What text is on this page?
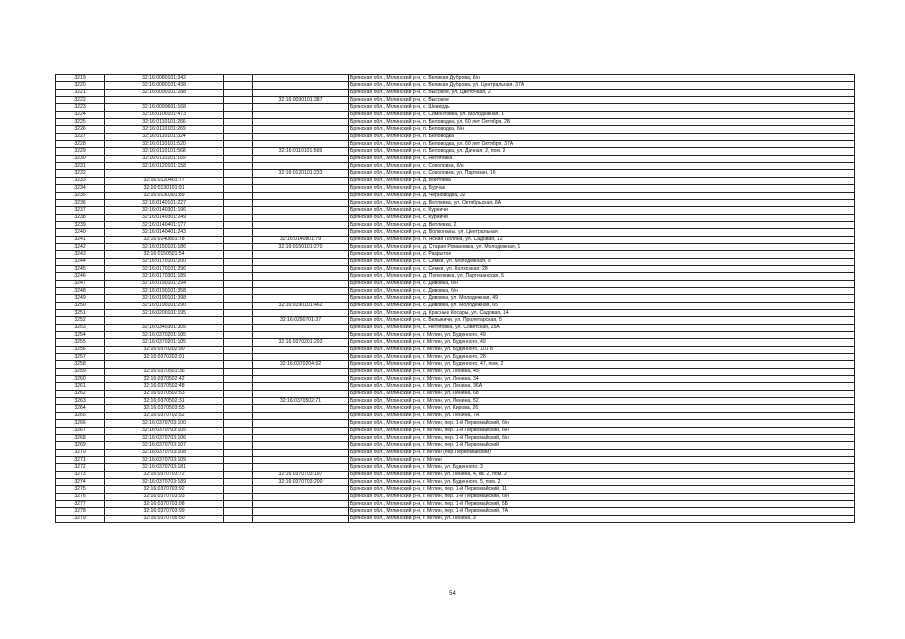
3219	32:16:0080101:342			Брянская обл., Мглинский р-н, с. Великая Дуброва, б/н
3220	32:16:0080101:438			Брянская обл., Мглинский р-н, с. Великая Дуброва, ул. Центральная, 37А
3221	32:16:0090101:288			Брянская обл., Мглинский р-н, с. Высокое, ул. Цветочная, 2
3222			32:16:0090101:387	Брянская обл., Мглинский р-н, с. Высокое
3223	32:16:0090601:168			Брянская обл., Мглинский р-н, с. Шевердь
3224	32:16:0100101:473			Брянская обл., Мглинский р-н, с. Симонтовка, ул. Молодежная, 1
3225	32:16:0110101:266			Брянская обл., Мглинский р-н, п. Беловодка, ул. 60 лет Октября, 2Б
3226	32:16:0110101:269			Брянская обл., Мглинский р-н, п. Беловодка, б/н
3227	32:16:0110101:324			Брянская обл., Мглинский р-н, п. Беловодка
3228	32:16:0110101:520			Брянская обл., Мглинский р-н, п. Беловодка, ул. 60 лет Октября, 37А
3229	32:16:0110101:568		32:16:0110101:569	Брянская обл., Мглинский р-н, п. Беловодка, ул. Дачная, 2, пом. 2
3230	32:16:0110201:169			Брянская обл., Мглинский р-н, с. Нетяговка
3231	32:16:0120101:158			Брянская обл., Мглинский р-н, с. Соколовка, б/н
3232			32:16:0120101:233	Брянская обл., Мглинский р-н, с. Соколовка, ул. Партизан, 16
3233	32:16:0120401:77			Брянская обл., Мглинский р-н, д. Войтовка
3234	32:16:0130101:91			Брянская обл., Мглинский р-н, д. Бурчак
3235	32:16:0130301:89			Брянская обл., Мглинский р-н, д. Черноводка, 32
3236	32:16:0140101:227			Брянская обл., Мглинский р-н, д. Ветлевка, ул. Октябрьская, 8А
3237	32:16:0140301:196			Брянская обл., Мглинский р-н, с. Курничи
3238	32:16:0140301:249			Брянская обл., Мглинский р-н, с. Курничи
3239	32:16:0140401:177			Брянская обл., Мглинский р-н, д. Ветлевка, 2
3240	32:16:0140401:243			Брянская обл., Мглинский р-н, д. Волконаны, ул. Центральная
3241	32:16:0140801:78		32:16:0140801:79	Брянская обл., Мглинский р-н, п. Ясная Поляна, ул. Садовая, 12
3242	32:16:0150101:186		32:16:0150101:270	Брянская обл., Мглинский р-н, д. Старая Романовка, ул. Молодежная, 1
3243	32:16:0150501:54			Брянская обл., Мглинский р-н, с. Разрытое
3244	32:16:0170101:200			Брянская обл., Мглинский р-н, с. Семки, ул. Молодежная, 9
3245	32:16:0170101:296			Брянская обл., Мглинский р-н, с. Семки, ул. Колхозная, 28
3246	32:16:0170301:189			Брянская обл., Мглинский р-н, д. Попелевка, ул. Партизанская, 5
3247	32:16:0190101:294			Брянская обл., Мглинский р-н, с. Дивовка, б/н
3248	32:16:0190101:358			Брянская обл., Мглинский р-н, с. Дивовка, б/н
3249	32:16:0190101:398			Брянская обл., Мглинский р-н, с. Дивовка, ул. Молодежная, 49
3250	32:16:0190101:290		32:16:0190101:462	Брянская обл., Мглинский р-н, с. Дивовка, ул. Молодежная, 65
3251	32:16:0200101:195			Брянская обл., Мглинский р-н, д. Красные Косары, ул. Садовая, 14
3252			32:16:0290701:37	Брянская обл., Мглинский р-н, с. Вельжичи, ул. Пролетарская, 5
3253	32:16:0340301:305			Брянская обл., Мглинский р-н, с. Нетяговка, ул. Советская, 25А
3254	32:16:0370201:105			Брянская обл., Мглинский р-н, г. Мглин, ул. Буденного, 49
3255	32:16:0370201:105		32:16:0370201:293	Брянская обл., Мглинский р-н, г. Мглин, ул. Буденного, 49
3256	32:16:0370202:90			Брянская обл., Мглинский р-н, г. Мглин, ул. Буденного, 101 Б
3257	32:16:0370202:91			Брянская обл., Мглинский р-н, г. Мглин, ул. Буденного, 28
3258			32:16:0370204:92	Брянская обл., Мглинский р-н, г. Мглин, ул. Буденного, 47, пом. 2
3259	32:16:0370501:36			Брянская обл., Мглинский р-н, г. Мглин, ул. Ленина, 45
3260	32:16:0370502:42			Брянская обл., Мглинский р-н, г. Мглин, ул. Ленина, 34
3261	32:16:0370502:48			Брянская обл., Мглинский р-н, г. Мглин, ул. Ленина, 36А
3262	32:16:0370502:53			Брянская обл., Мглинский р-н, г. Мглин, ул. Ленина, 68
3263	32:16:0370502:31		32:16:0370502:71	Брянская обл., Мглинский р-н, г. Мглин, ул. Ленина, 52
3264	32:16:0370503:55			Брянская обл., Мглинский р-н, г. Мглин, ул. Кирова, 26
3265	32:16:0370702:52			Брянская обл., Мглинский р-н, г. Мглин, ул. Ленина, 7А
3266	32:16:0370703:100			Брянская обл., Мглинский р-н, г. Мглин, пер. 1-й Первомайский, б/н
3267	32:16:0370703:105			Брянская обл., Мглинский р-н, г. Мглин, пер. 1-й Первомайский, б/н
3268	32:16:0370703:106			Брянская обл., Мглинский р-н, г. Мглин, пер. 1-й Первомайский, б/н
3269	32:16:0370703:107			Брянская обл., Мглинский р-н, г. Мглин, пер. 1-й Первомайский
3270	32:16:0370703:108			Брянская обл., Мглинский р-н, г. Мглин (пер.Первомайский)
3271	32:16:0370703:109			Брянская обл., Мглинский р-н, г. Мглин
3272	32:16:0370703:181			Брянская обл., Мглинский р-н, г. Мглин, ул. Буденного, 3
3273	32:16:0370703:72		32:16:0370703:197	Брянская обл., Мглинский р-н, г. Мглин, ул. Ленина, 4, кв. 2, пом. 2
3274	32:16:0370703:189		32:16:0370703:200	Брянская обл., Мглинский р-н, г. Мглин, ул. Буденного, 5, пом. 2
3275	32:16:0370703:92			Брянская обл., Мглинский р-н, г. Мглин, пер. 1-й Первомайский, 11
3276	32:16:0370703:93			Брянская обл., Мглинский р-н, г. Мглин, пер. 1-й Первомайский, б/н
3277	32:16:0370703:98			Брянская обл., Мглинский р-н, г. Мглин, пер. 1-й Первомайский, 5Б
3278	32:16:0370703:99			Брянская обл., Мглинский р-н, г. Мглин, пер. 1-й Первомайский, 7А
3279	32:16:0370705:50			Брянская обл., Мглинский р-н, г. Мглин, ул. Ленина, 3
54
